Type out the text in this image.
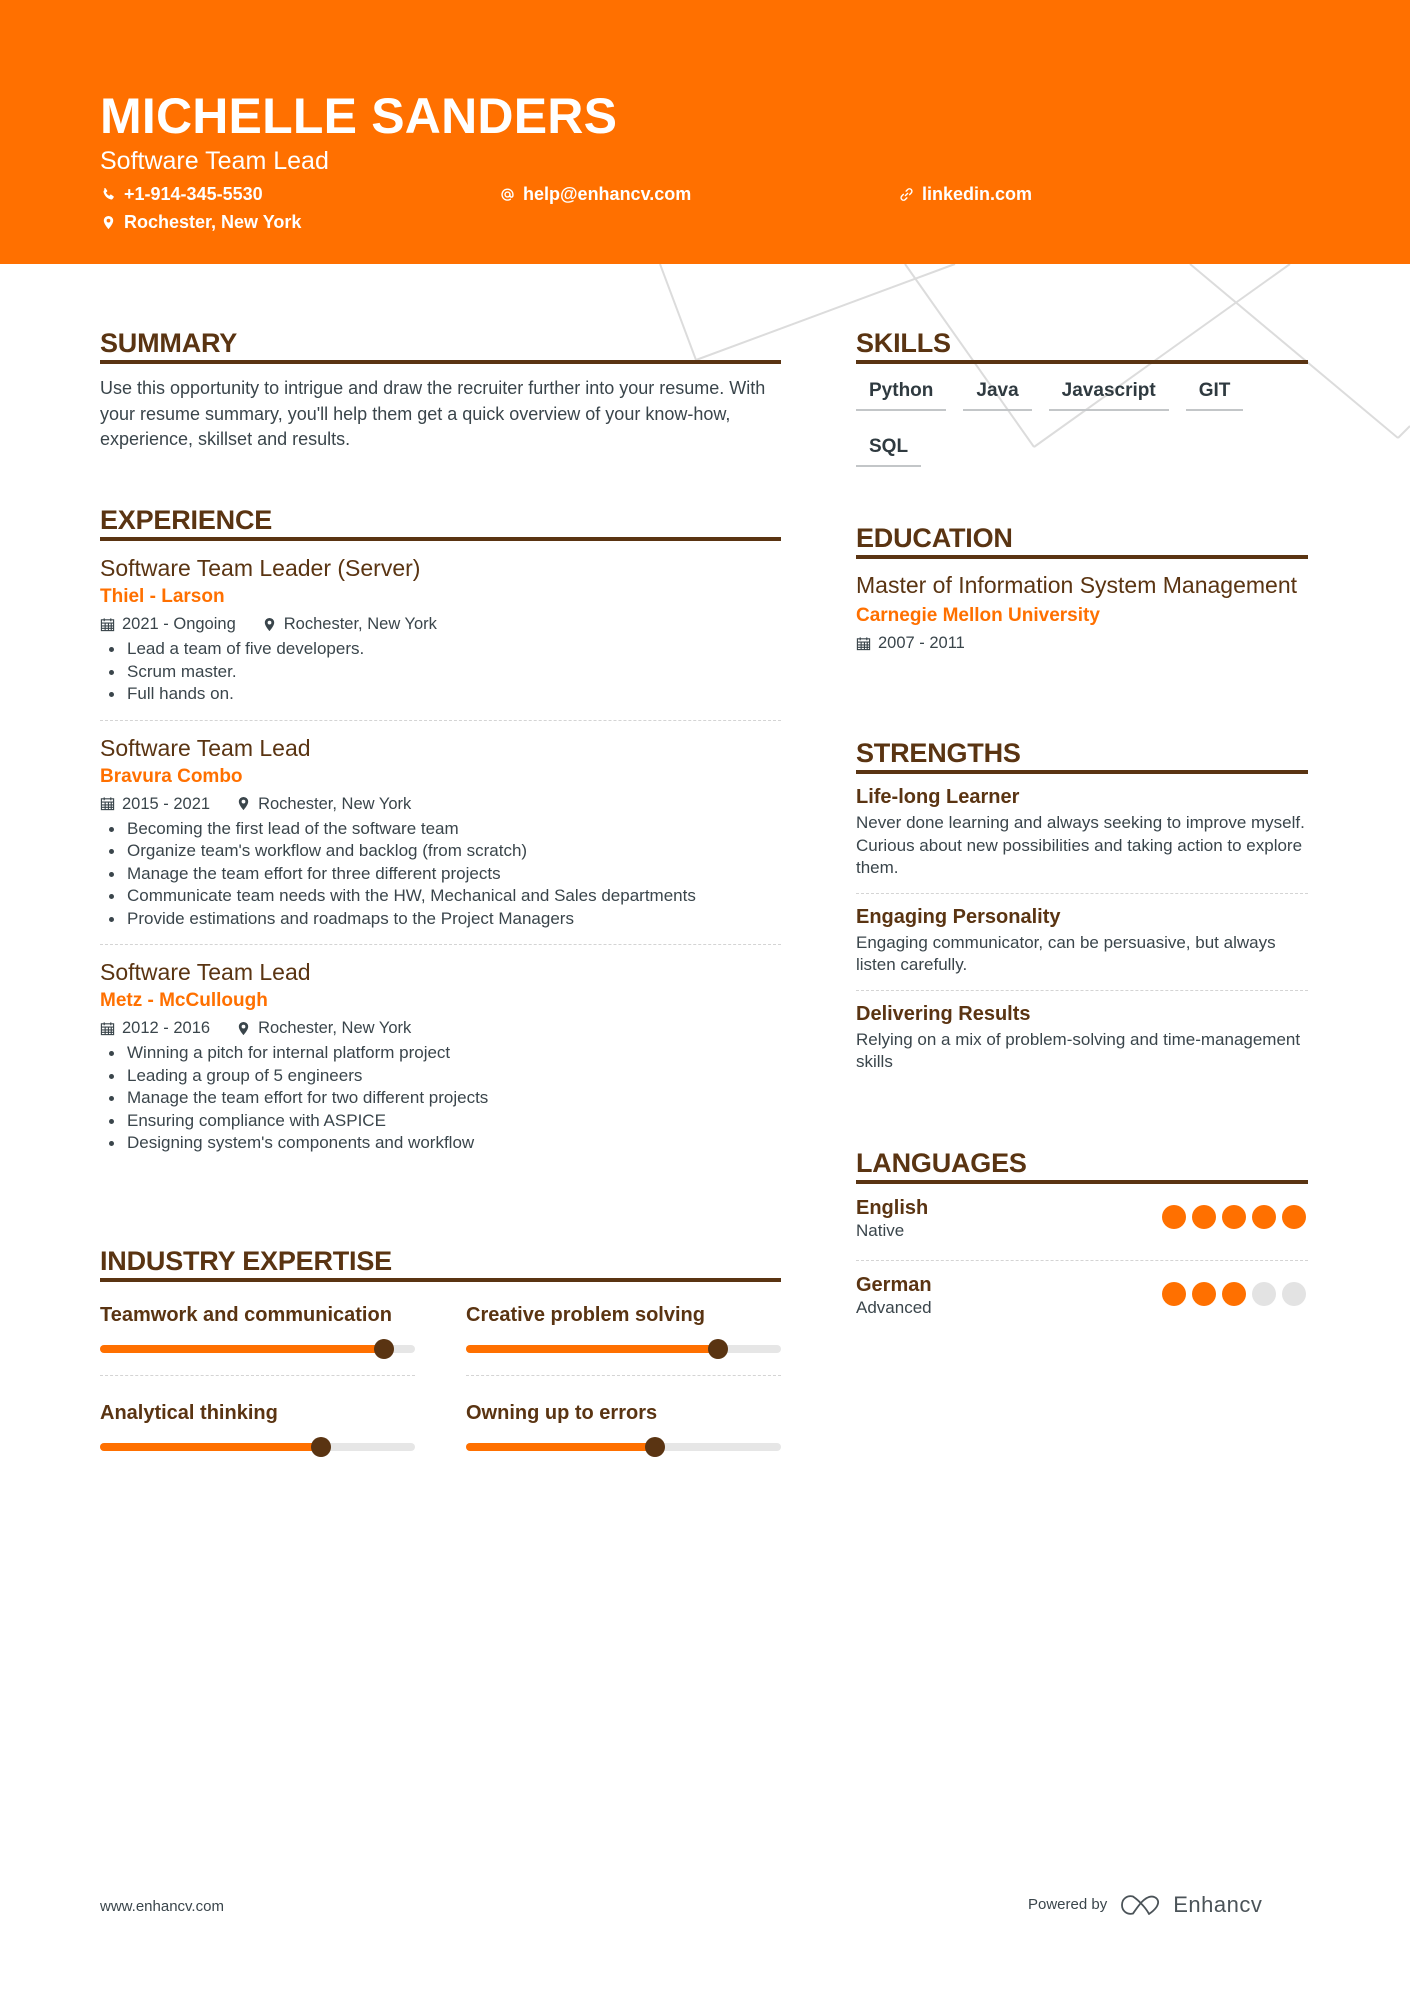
MICHELLE SANDERS
Software Team Lead
+1-914-345-5530	help@enhancv.com	linkedin.com
Rochester, New York
SUMMARY

Use this opportunity to intrigue and draw the recruiter further into your resume. With your resume summary, you'll help them get a quick overview of your know-how, experience, skillset and results.

EXPERIENCE
Software Team Leader (Server)
Thiel - Larson
2021 - Ongoing	Rochester, New York
Lead a team of five developers.
Scrum master.
Full hands on.
Software Team Lead
Bravura Combo
2015 - 2021	Rochester, New York
Becoming the first lead of the software team
Organize team's workflow and backlog (from scratch)
Manage the team effort for three different projects
Communicate team needs with the HW, Mechanical and Sales departments
Provide estimations and roadmaps to the Project Managers
Software Team Lead
Metz - McCullough
2012 - 2016	Rochester, New York
Winning a pitch for internal platform project
Leading a group of 5 engineers
Manage the team effort for two different projects
Ensuring compliance with ASPICE
Designing system's components and workflow
INDUSTRY EXPERTISE
Teamwork and communication	Creative problem solving
Analytical thinking	Owning up to errors
SKILLS
Python	Java	Javascript	GIT
SQL
EDUCATION
Master of Information System Management
Carnegie Mellon University
2007 - 2011
STRENGTHS
Life-long Learner
Never done learning and always seeking to improve myself. Curious about new possibilities and taking action to explore them.
Engaging Personality
Engaging communicator, can be persuasive, but always listen carefully.
Delivering Results
Relying on a mix of problem-solving and time-management skills
LANGUAGES
English
Native
German
Advanced
www.enhancv.com	Powered by	Enhancv
